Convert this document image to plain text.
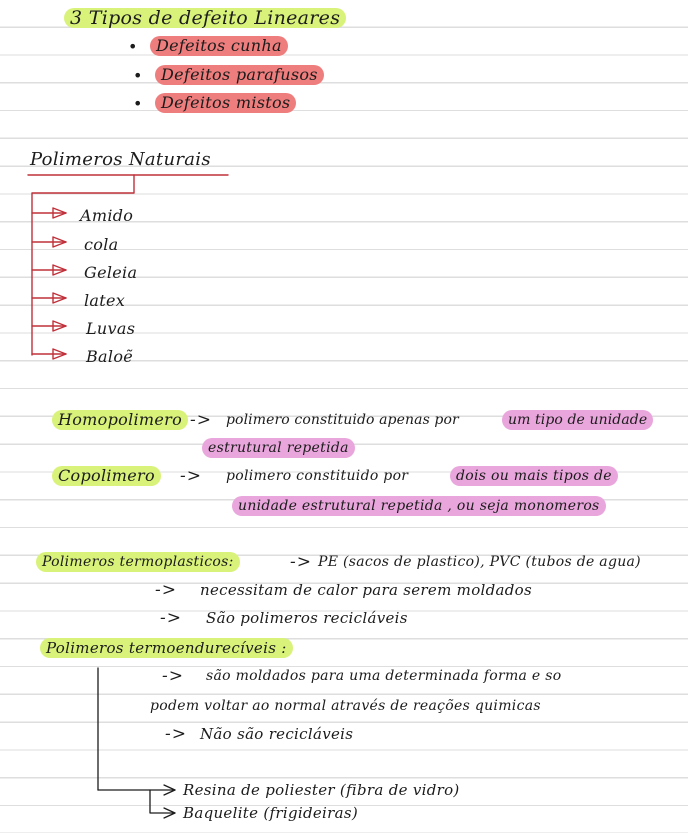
3 Tipos de defeito Lineares
•	Defeitos cunha
•	Defeitos parafusos
•	Defeitos mistos
Polimeros Naturais
Amido
cola
Geleia
latex
Luvas
Baloẽ
Homopolimero -> polimero constituido apenas por	um tipo de unidade
estrutural repetida
Copolimero	-> polimero constituido por	dois ou mais tipos de
unidade estrutural repetida , ou seja monomeros
Polimeros termoplasticos:	-> PE (sacos de plastico), PVC (tubos de agua)
-> necessitam de calor para serem moldados
-> São polimeros recicláveis
Polimeros termoendurecíveis :
-> são moldados para uma determinada forma e so
podem voltar ao normal através de reações quimicas
-> Não são recicláveis
Resina de poliester (fibra de vidro)
Baquelite (frigideiras)
